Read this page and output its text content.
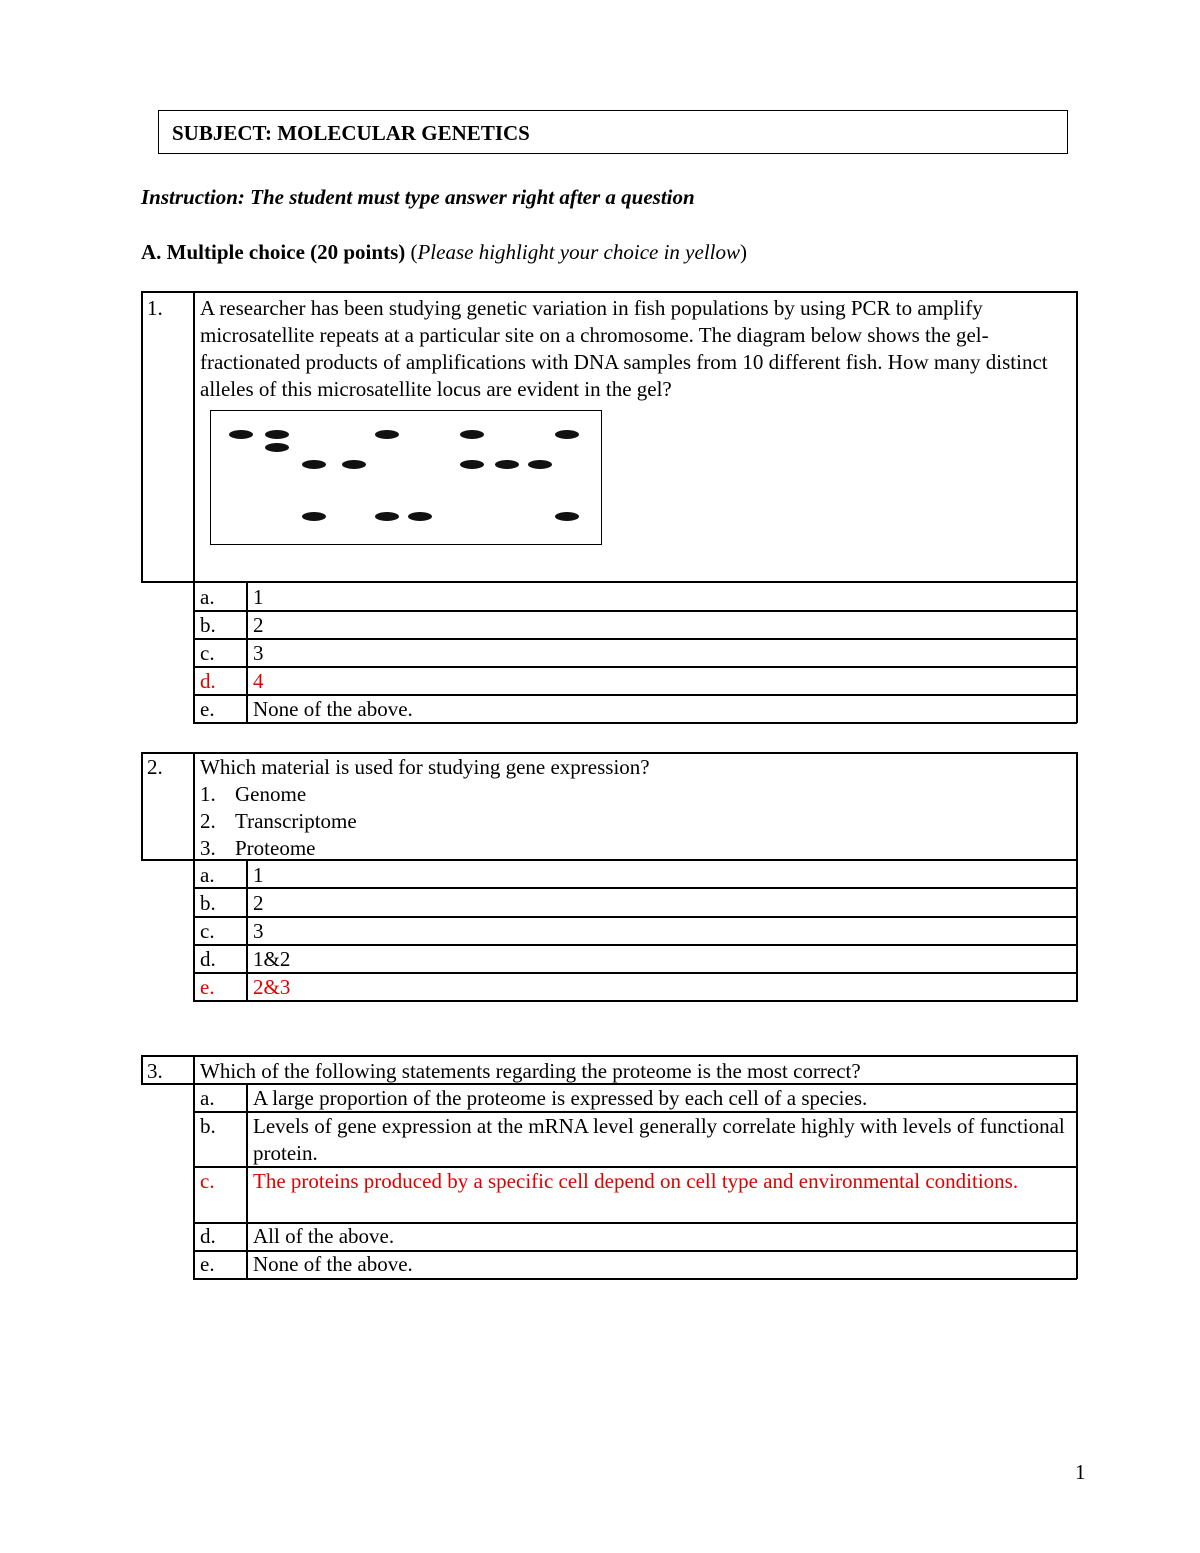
SUBJECT: MOLECULAR GENETICS
Instruction: The student must type answer right after a question
A. Multiple choice (20 points) (Please highlight your choice in yellow)
1. A researcher has been studying genetic variation in fish populations by using PCR to amplify microsatellite repeats at a particular site on a chromosome. The diagram below shows the gel-fractionated products of amplifications with DNA samples from 10 different fish. How many distinct alleles of this microsatellite locus are evident in the gel?
a. 1
b. 2
c. 3
d. 4
e. None of the above.
2. Which material is used for studying gene expression?
1. Genome
2. Transcriptome
3. Proteome
a. 1
b. 2
c. 3
d. 1&2
e. 2&3
3. Which of the following statements regarding the proteome is the most correct?
a. A large proportion of the proteome is expressed by each cell of a species.
b. Levels of gene expression at the mRNA level generally correlate highly with levels of functional protein.
c. The proteins produced by a specific cell depend on cell type and environmental conditions.
d. All of the above.
e. None of the above.
1
